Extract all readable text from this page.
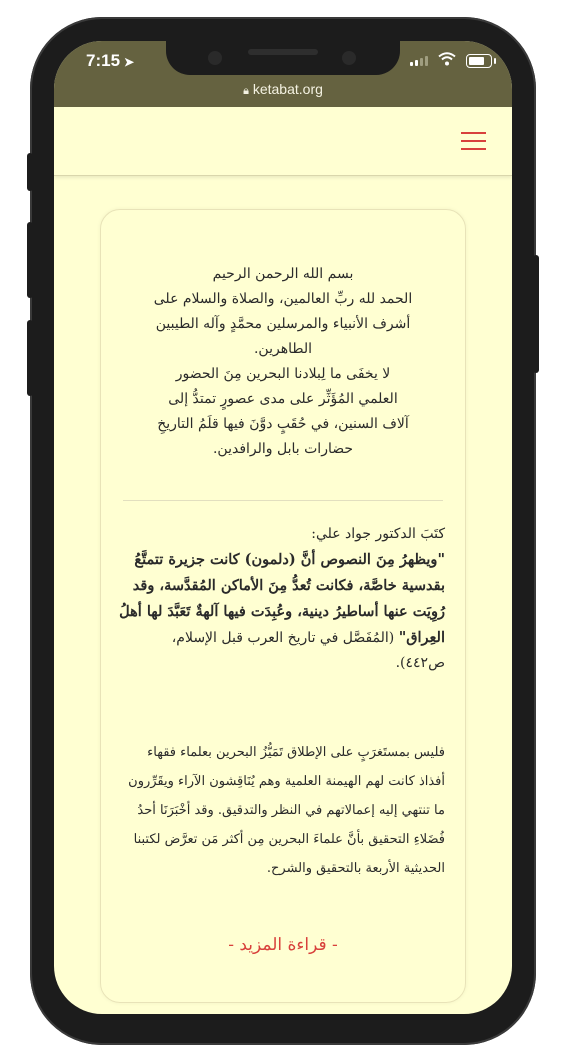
7:15 ➤
🔒︎ ketabat.org
بسم الله الرحمن الرحيم
الحمد لله ربِّ العالمين، والصلاة والسلام على
أشرف الأنبياء والمرسلين محمَّدٍ وآله الطيبين
الطاهرين.
لا يخفَى ما لِبلادنا البحرين مِنَ الحضور
العلمي المُؤَثِّر على مدى عصورٍ تمتدُّ إلى
آلاف السنين، في حُقَبٍ دوَّنَ فيها قلَمُ التاريخِ
حضارات بابل والرافدين.
كتَبَ الدكتور جواد علي:
"ويظهرُ مِنَ النصوص أنَّ (دلمون) كانت جزيرة تتمتَّعُ بقدسية خاصَّة، فكانت تُعدُّ مِنَ الأماكن المُقدَّسة، وقد رُوِيَت عنها أساطيرُ دينية، وعُبِدَت فيها آلهةٌ تَعَبَّدَ لها أهلُ العِراق" (المُفَصَّل في تاريخ العرب قبل الإسلام، ص٤٤٢).
فليس بمستَغرَبٍ على الإطلاق تَمَيُّزُ البحرين بعلماء فقهاء أفذاذ كانت لهم الهيمنة العلمية وهم يُنَاقِشون الآراء ويقَرِّرون ما تنتهي إليه إعمالاتهم في النظر والتدقيق. وقد أخْبَرَنَا أحدُ فُضَلاءِ التحقيق بأنَّ علماءَ البحرين مِن أكثر مَن تعرَّض لكتبنا الحديثية الأربعة بالتحقيق والشرح.
- قراءة المزيد -
